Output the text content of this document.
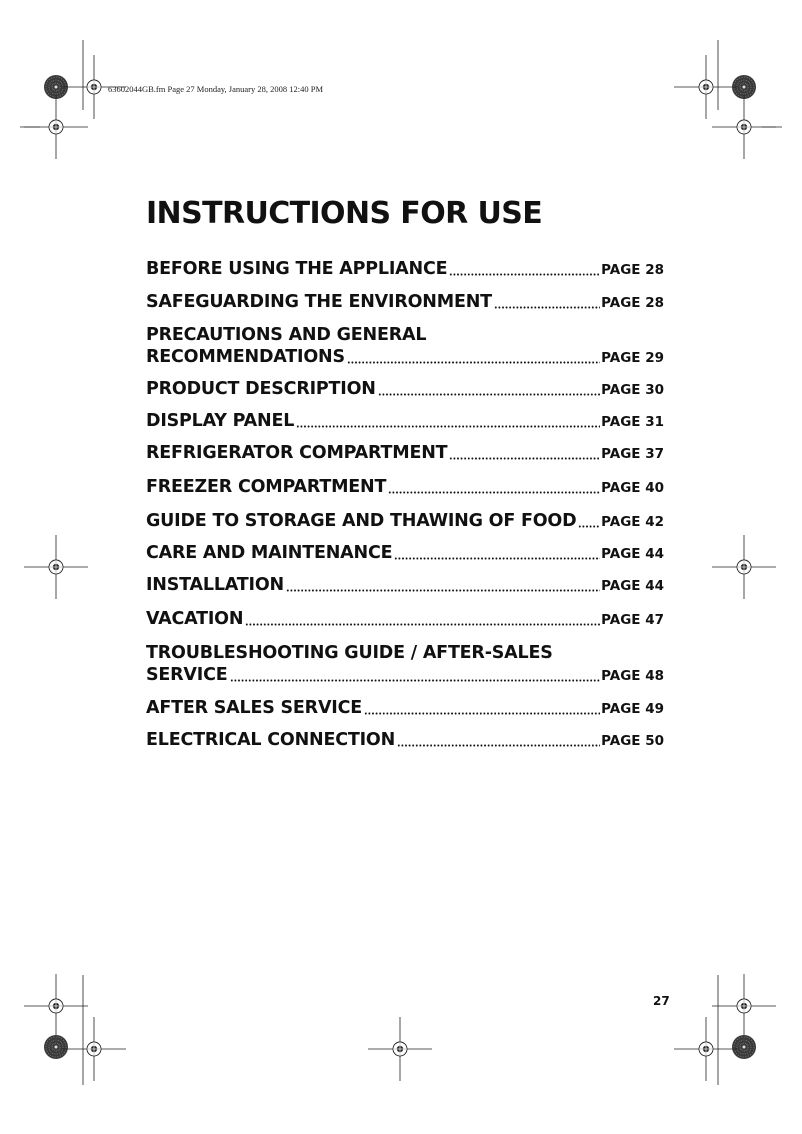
63602044GB.fm Page 27 Monday, January 28, 2008 12:40 PM
INSTRUCTIONS FOR USE
BEFORE USING THE APPLIANCE	PAGE 28
SAFEGUARDING THE ENVIRONMENT	PAGE 28
PRECAUTIONS AND GENERAL
RECOMMENDATIONS	PAGE 29
PRODUCT DESCRIPTION	PAGE 30
DISPLAY PANEL	PAGE 31
REFRIGERATOR COMPARTMENT	PAGE 37
FREEZER COMPARTMENT	PAGE 40
GUIDE TO STORAGE AND THAWING OF FOOD PAGE 42
CARE AND MAINTENANCE	PAGE 44
INSTALLATION	PAGE 44
VACATION	PAGE 47
TROUBLESHOOTING GUIDE / AFTER-SALES
SERVICE	PAGE 48
AFTER SALES SERVICE	PAGE 49
ELECTRICAL CONNECTION	PAGE 50
27
